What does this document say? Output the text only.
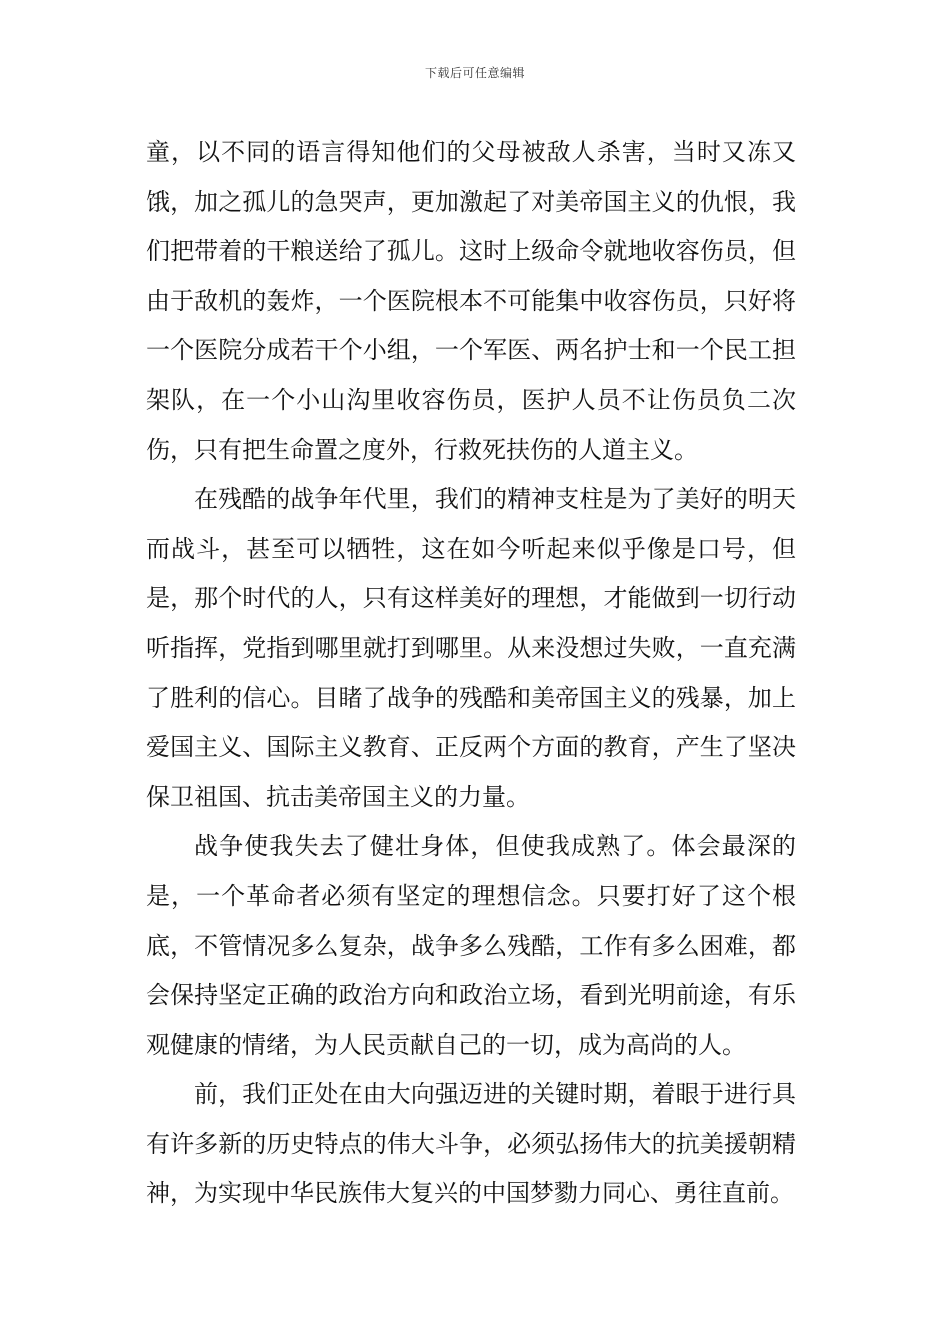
下载后可任意编辑

童，以不同的语言得知他们的父母被敌人杀害，当时又冻又饿，加之孤儿的急哭声，更加激起了对美帝国主义的仇恨，我们把带着的干粮送给了孤儿。这时上级命令就地收容伤员，但由于敌机的轰炸，一个医院根本不可能集中收容伤员，只好将一个医院分成若干个小组，一个军医、两名护士和一个民工担架队，在一个小山沟里收容伤员，医护人员不让伤员负二次伤，只有把生命置之度外，行救死扶伤的人道主义。

在残酷的战争年代里，我们的精神支柱是为了美好的明天而战斗，甚至可以牺牲，这在如今听起来似乎像是口号，但是，那个时代的人，只有这样美好的理想，才能做到一切行动听指挥，党指到哪里就打到哪里。从来没想过失败，一直充满了胜利的信心。目睹了战争的残酷和美帝国主义的残暴，加上爱国主义、国际主义教育、正反两个方面的教育，产生了坚决保卫祖国、抗击美帝国主义的力量。

战争使我失去了健壮身体，但使我成熟了。体会最深的是，一个革命者必须有坚定的理想信念。只要打好了这个根底，不管情况多么复杂，战争多么残酷，工作有多么困难，都会保持坚定正确的政治方向和政治立场，看到光明前途，有乐观健康的情绪，为人民贡献自己的一切，成为高尚的人。

前，我们正处在由大向强迈进的关键时期，着眼于进行具有许多新的历史特点的伟大斗争，必须弘扬伟大的抗美援朝精神，为实现中华民族伟大复兴的中国梦勠力同心、勇往直前。
